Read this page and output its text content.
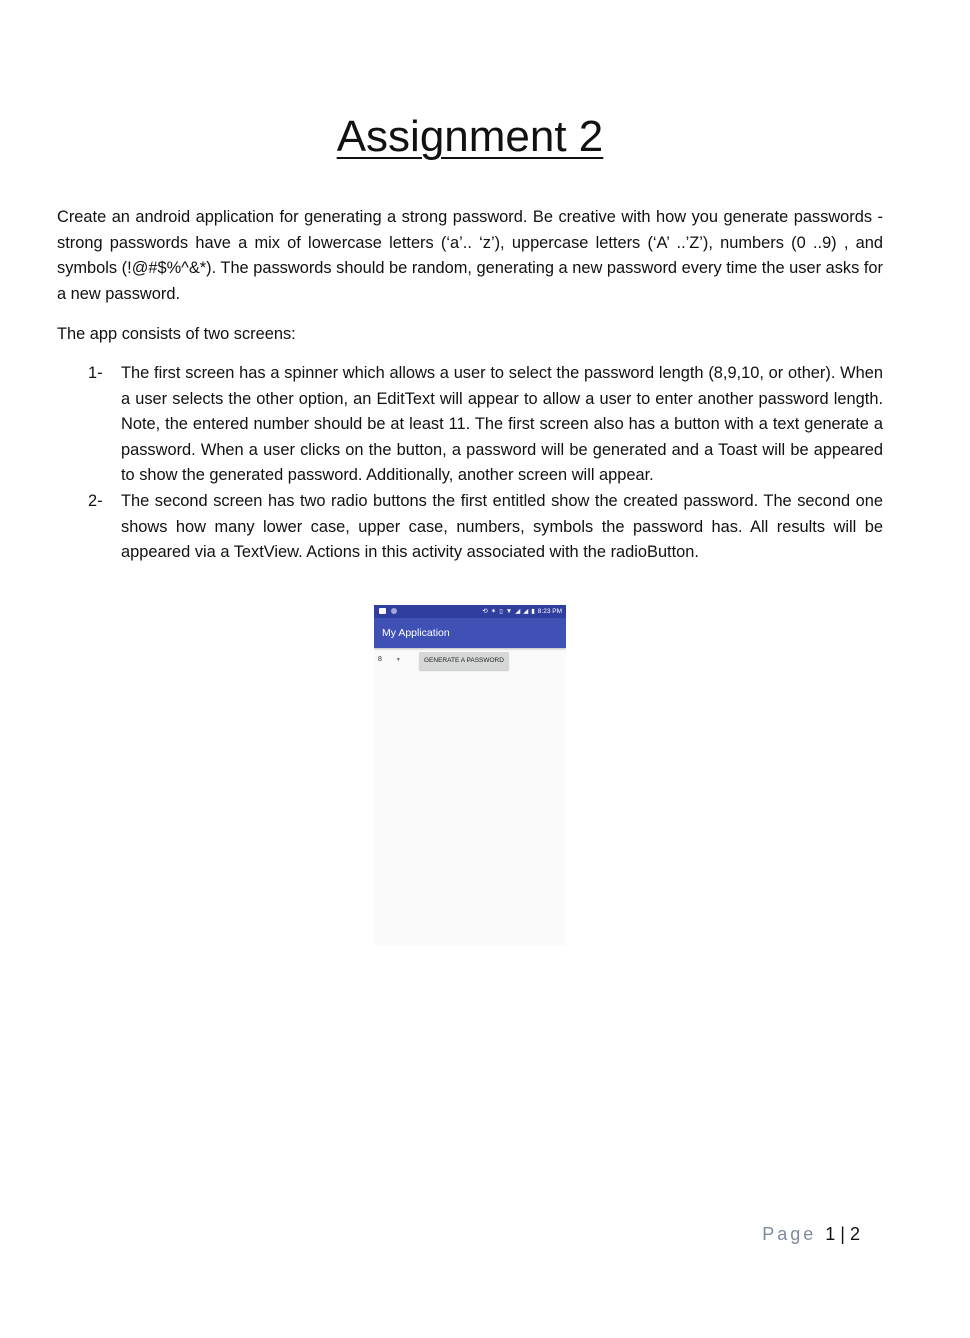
Assignment 2

Create an android application for generating a strong password. Be creative with how you generate passwords - strong passwords have a mix of lowercase letters (‘a’.. ‘z’), uppercase letters (‘A’ ..’Z’), numbers (0 ..9) , and symbols (!@#$%^&*). The passwords should be random, generating a new password every time the user asks for a new password.

The app consists of two screens:

1- The first screen has a spinner which allows a user to select the password length (8,9,10, or other). When a user selects the other option, an EditText will appear to allow a user to enter another password length. Note, the entered number should be at least 11. The first screen also has a button with a text generate a password. When a user clicks on the button, a password will be generated and a Toast will be appeared to show the generated password. Additionally, another screen will appear.
2- The second screen has two radio buttons the first entitled show the created password. The second one shows how many lower case, upper case, numbers, symbols the password has. All results will be appeared via a TextView. Actions in this activity associated with the radioButton.
⟲ ✶ ▯ ▼ ◢ ◢ ▮ 8:23 PM
My Application
8	▼	GENERATE A PASSWORD
Page 1 | 2
